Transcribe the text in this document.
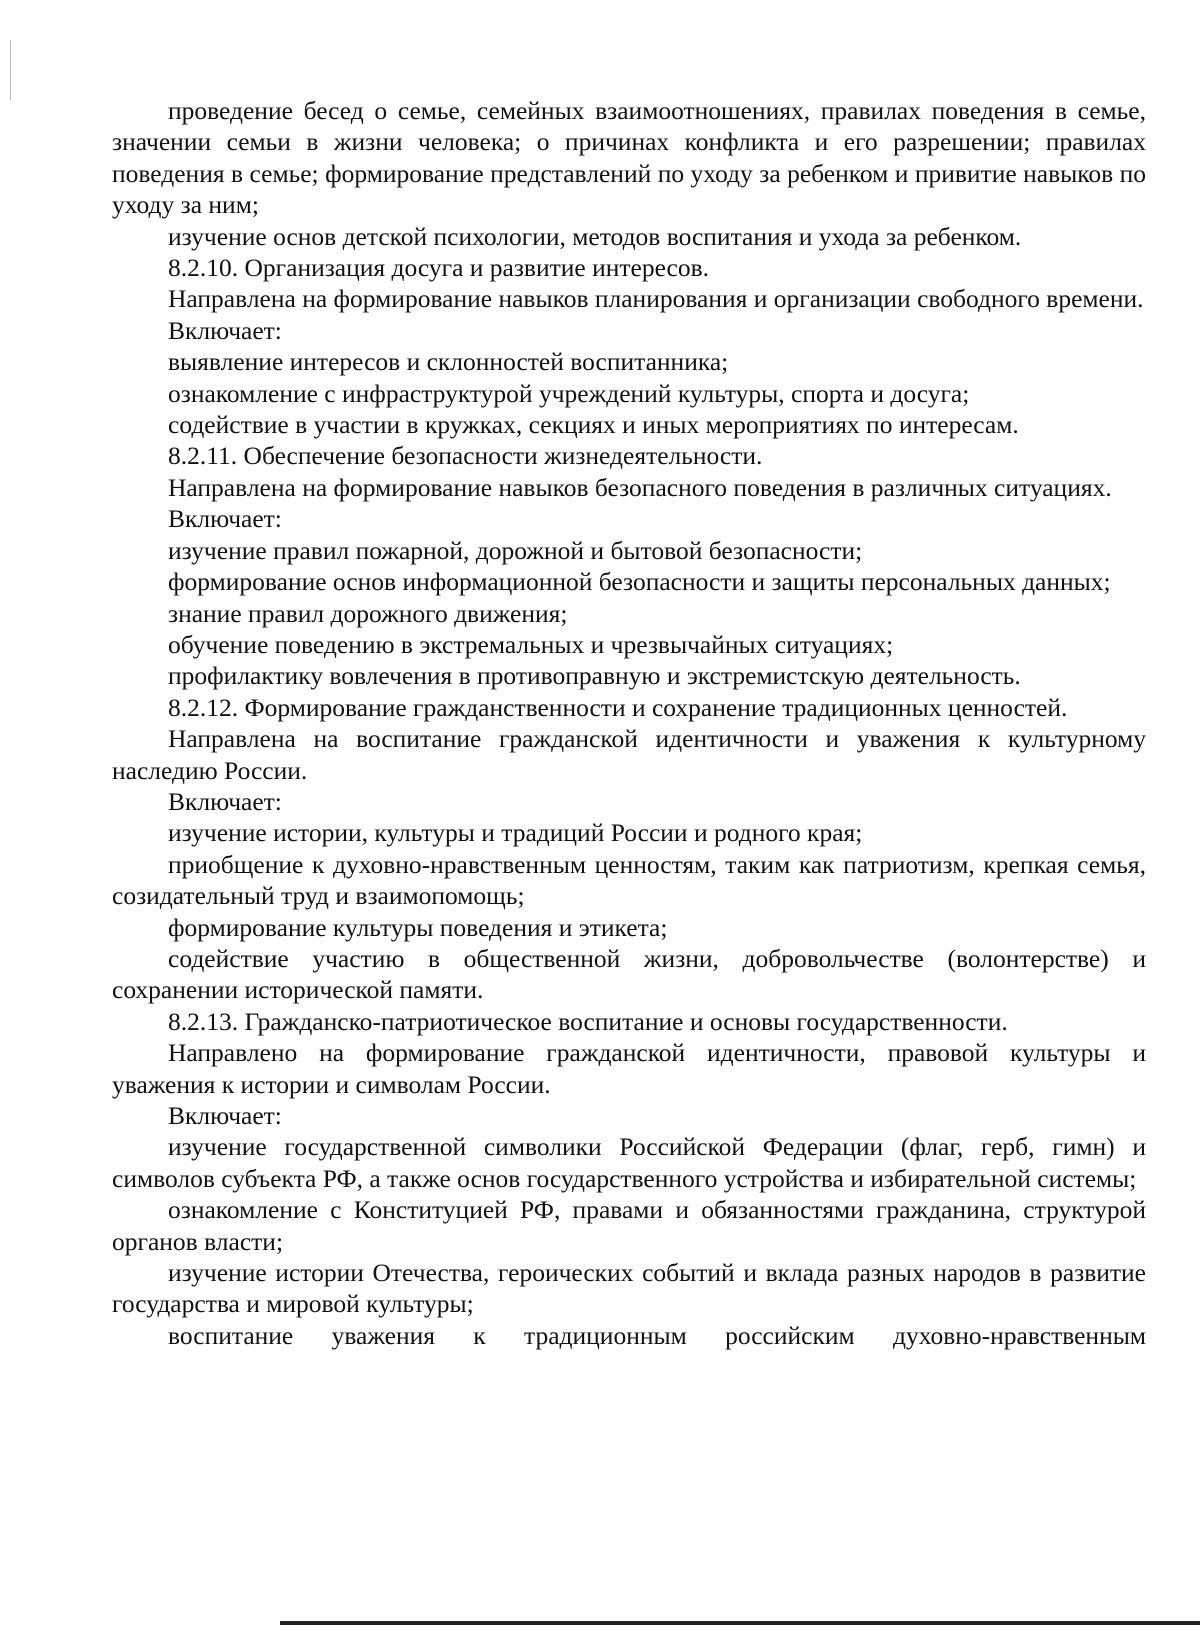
проведение бесед о семье, семейных взаимоотношениях, правилах поведения в семье, значении семьи в жизни человека; о причинах конфликта и его разрешении; правилах поведения в семье; формирование представлений по уходу за ребенком и привитие навыков по уходу за ним;

изучение основ детской психологии, методов воспитания и ухода за ребенком.

8.2.10. Организация досуга и развитие интересов.

Направлена на формирование навыков планирования и организации свободного времени.

Включает:

выявление интересов и склонностей воспитанника;

ознакомление с инфраструктурой учреждений культуры, спорта и досуга;

содействие в участии в кружках, секциях и иных мероприятиях по интересам.

8.2.11. Обеспечение безопасности жизнедеятельности.

Направлена на формирование навыков безопасного поведения в различных ситуациях.

Включает:

изучение правил пожарной, дорожной и бытовой безопасности;

формирование основ информационной безопасности и защиты персональных данных;

знание правил дорожного движения;

обучение поведению в экстремальных и чрезвычайных ситуациях;

профилактику вовлечения в противоправную и экстремистскую деятельность.

8.2.12. Формирование гражданственности и сохранение традиционных ценностей.

Направлена на воспитание гражданской идентичности и уважения к культурному наследию России.

Включает:

изучение истории, культуры и традиций России и родного края;

приобщение к духовно-нравственным ценностям, таким как патриотизм, крепкая семья, созидательный труд и взаимопомощь;

формирование культуры поведения и этикета;

содействие участию в общественной жизни, добровольчестве (волонтерстве) и сохранении исторической памяти.

8.2.13. Гражданско-патриотическое воспитание и основы государственности.

Направлено на формирование гражданской идентичности, правовой культуры и уважения к истории и символам России.

Включает:

изучение государственной символики Российской Федерации (флаг, герб, гимн) и символов субъекта РФ, а также основ государственного устройства и избирательной системы;

ознакомление с Конституцией РФ, правами и обязанностями гражданина, структурой органов власти;

изучение истории Отечества, героических событий и вклада разных народов в развитие государства и мировой культуры;

воспитание уважения к традиционным российским духовно-нравственным
